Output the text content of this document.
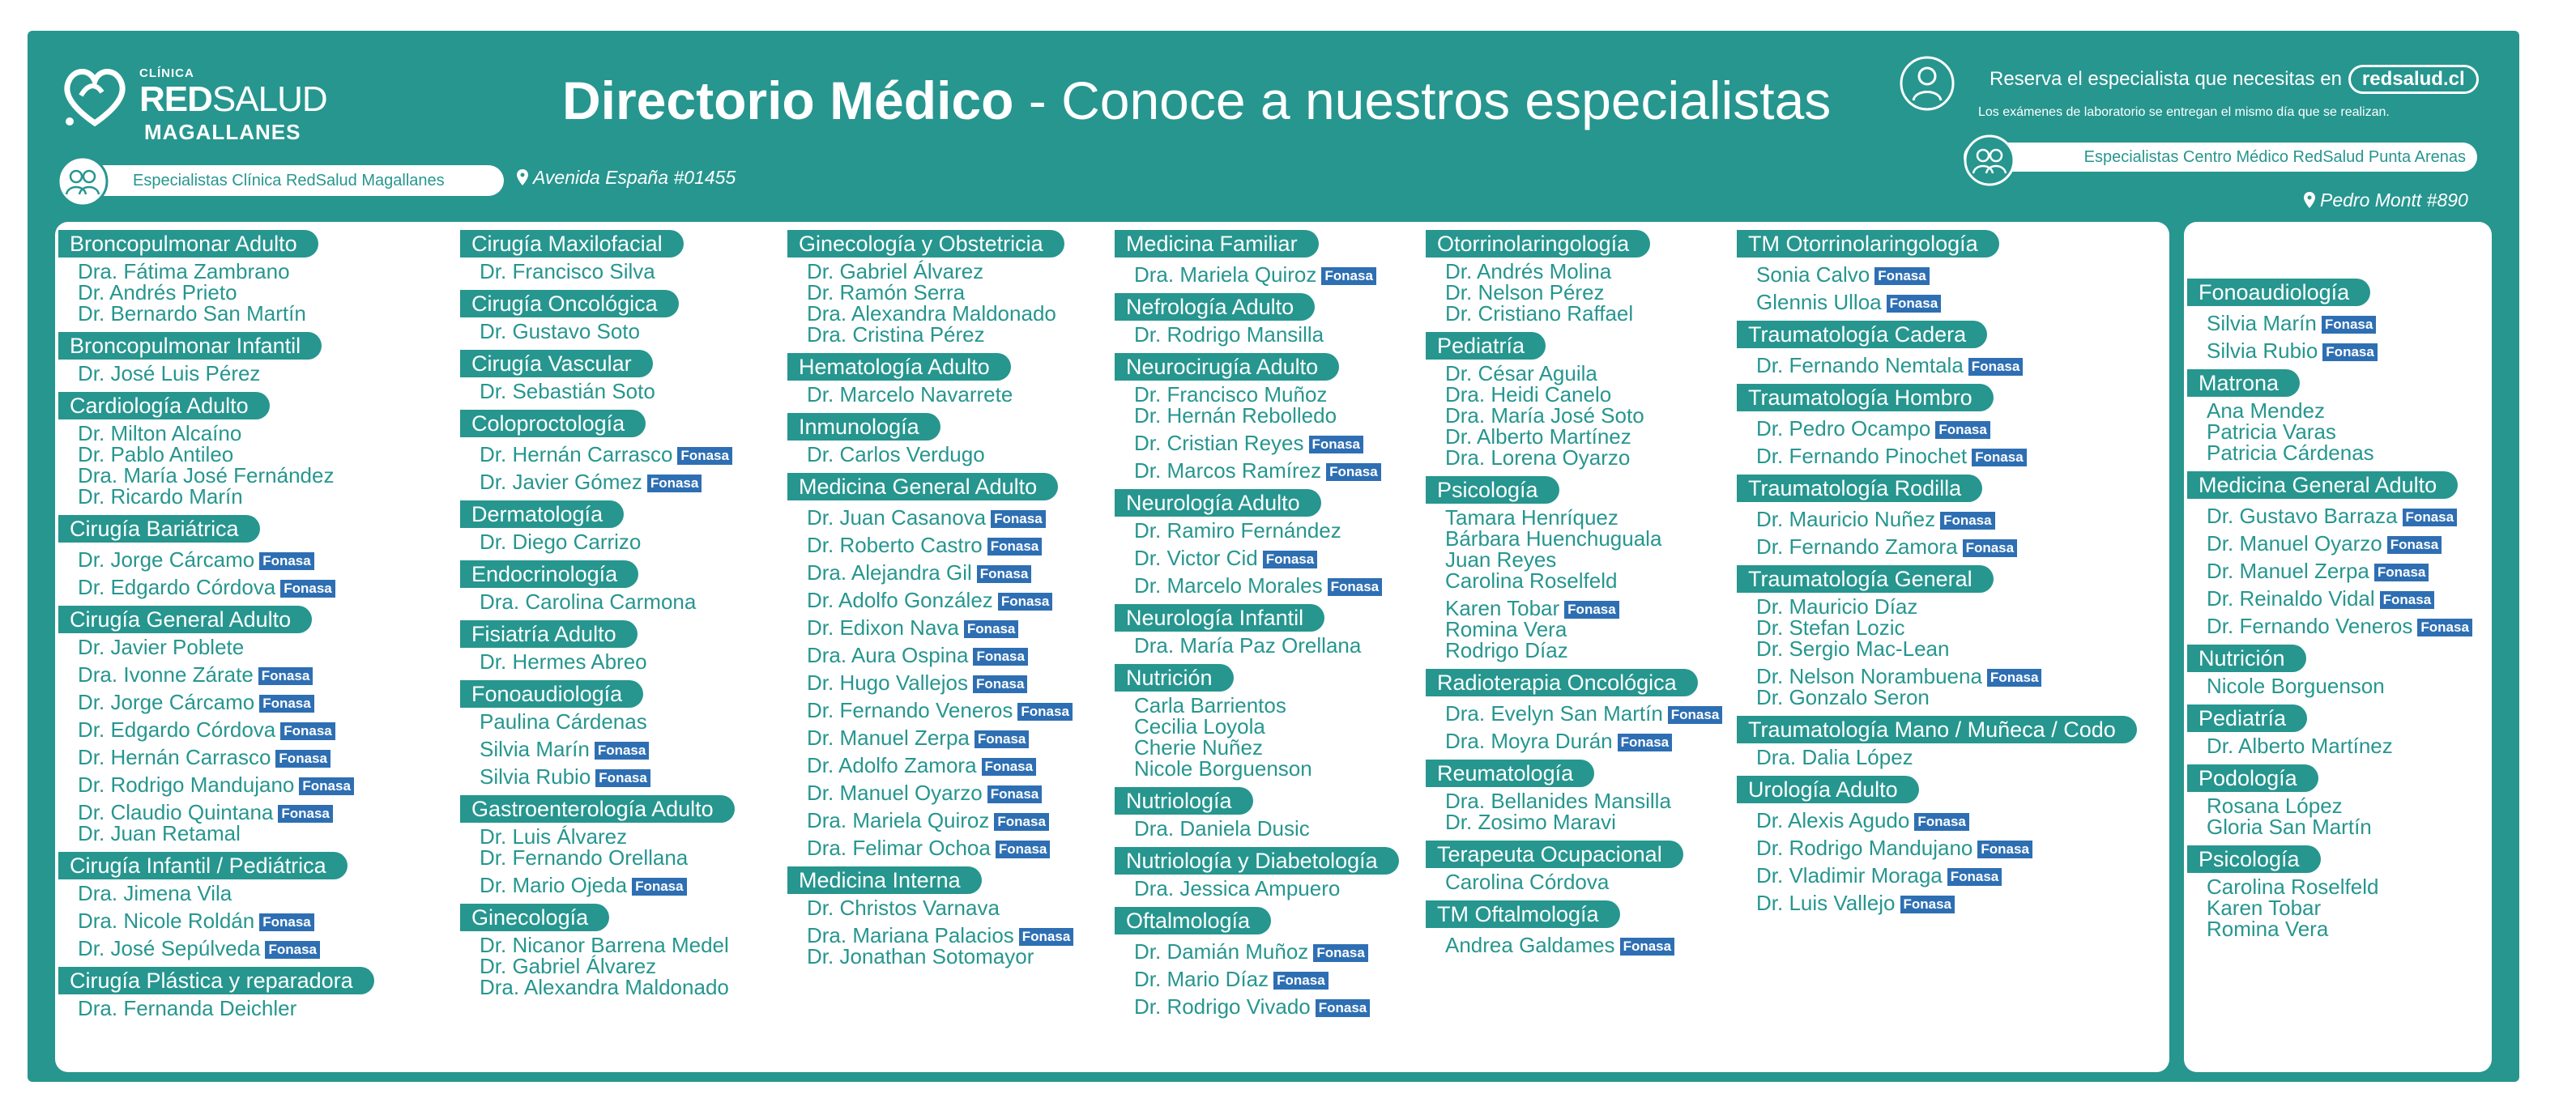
CLÍNICA
REDSALUD
MAGALLANES
Directorio Médico - Conoce a nuestros especialistas	Reserva el especialista que necesitas en redsalud.cl
Los exámenes de laboratorio se entregan el mismo día que se realizan.
Especialistas Centro Médico RedSalud Punta Arenas
Pedro Montt #890
Especialistas Clínica RedSalud Magallanes	Avenida España #01455
Broncopulmonar Adulto
Dra. Fátima Zambrano
Dr. Andrés Prieto
Dr. Bernardo San Martín
Broncopulmonar Infantil
Dr. José Luis Pérez
Cardiología Adulto
Dr. Milton Alcaíno
Dr. Pablo Antileo
Dra. María José Fernández
Dr. Ricardo Marín
Cirugía Bariátrica
Dr. Jorge Cárcamo Fonasa
Dr. Edgardo Córdova Fonasa
Cirugía General Adulto
Dr. Javier Poblete
Dra. Ivonne Zárate Fonasa
Dr. Jorge Cárcamo Fonasa
Dr. Edgardo Córdova Fonasa
Dr. Hernán Carrasco Fonasa
Dr. Rodrigo Mandujano Fonasa
Dr. Claudio Quintana Fonasa
Dr. Juan Retamal
Cirugía Infantil / Pediátrica
Dra. Jimena Vila
Dra. Nicole Roldán Fonasa
Dr. José Sepúlveda Fonasa
Cirugía Plástica y reparadora
Dra. Fernanda Deichler
Cirugía Maxilofacial
Dr. Francisco Silva
Cirugía Oncológica
Dr. Gustavo Soto
Cirugía Vascular
Dr. Sebastián Soto
Coloproctología
Dr. Hernán Carrasco Fonasa
Dr. Javier Gómez Fonasa
Dermatología
Dr. Diego Carrizo
Endocrinología
Dra. Carolina Carmona
Fisiatría Adulto
Dr. Hermes Abreo
Fonoaudiología
Paulina Cárdenas
Silvia Marín Fonasa
Silvia Rubio Fonasa
Gastroenterología Adulto
Dr. Luis Álvarez
Dr. Fernando Orellana
Dr. Mario Ojeda Fonasa
Ginecología
Dr. Nicanor Barrena Medel
Dr. Gabriel Álvarez
Dra. Alexandra Maldonado
Ginecología y Obstetricia
Dr. Gabriel Álvarez
Dr. Ramón Serra
Dra. Alexandra Maldonado
Dra. Cristina Pérez
Hematología Adulto
Dr. Marcelo Navarrete
Inmunología
Dr. Carlos Verdugo
Medicina General Adulto
Dr. Juan Casanova Fonasa
Dr. Roberto Castro Fonasa
Dra. Alejandra Gil Fonasa
Dr. Adolfo González Fonasa
Dr. Edixon Nava Fonasa
Dra. Aura Ospina Fonasa
Dr. Hugo Vallejos Fonasa
Dr. Fernando Veneros Fonasa
Dr. Manuel Zerpa Fonasa
Dr. Adolfo Zamora Fonasa
Dr. Manuel Oyarzo Fonasa
Dra. Mariela Quiroz Fonasa
Dra. Felimar Ochoa Fonasa
Medicina Interna
Dr. Christos Varnava
Dra. Mariana Palacios Fonasa
Dr. Jonathan Sotomayor
Medicina Familiar
Dra. Mariela Quiroz Fonasa
Nefrología Adulto
Dr. Rodrigo Mansilla
Neurocirugía Adulto
Dr. Francisco Muñoz
Dr. Hernán Rebolledo
Dr. Cristian Reyes Fonasa
Dr. Marcos Ramírez Fonasa
Neurología Adulto
Dr. Ramiro Fernández
Dr. Victor Cid Fonasa
Dr. Marcelo Morales Fonasa
Neurología Infantil
Dra. María Paz Orellana
Nutrición
Carla Barrientos
Cecilia Loyola
Cherie Nuñez
Nicole Borguenson
Nutriología
Dra. Daniela Dusic
Nutriología y Diabetología
Dra. Jessica Ampuero
Oftalmología
Dr. Damián Muñoz Fonasa
Dr. Mario Díaz Fonasa
Dr. Rodrigo Vivado Fonasa
Otorrinolaringología
Dr. Andrés Molina
Dr. Nelson Pérez
Dr. Cristiano Raffael
Pediatría
Dr. César Aguila
Dra. Heidi Canelo
Dra. María José Soto
Dr. Alberto Martínez
Dra. Lorena Oyarzo
Psicología
Tamara Henríquez
Bárbara Huenchuguala
Juan Reyes
Carolina Roselfeld
Karen Tobar Fonasa
Romina Vera
Rodrigo Díaz
Radioterapia Oncológica
Dra. Evelyn San Martín Fonasa
Dra. Moyra Durán Fonasa
Reumatología
Dra. Bellanides Mansilla
Dr. Zosimo Maravi
Terapeuta Ocupacional
Carolina Córdova
TM Oftalmología
Andrea Galdames Fonasa
TM Otorrinolaringología
Sonia Calvo Fonasa
Glennis Ulloa Fonasa
Traumatología Cadera
Dr. Fernando Nemtala Fonasa
Traumatología Hombro
Dr. Pedro Ocampo Fonasa
Dr. Fernando Pinochet Fonasa
Traumatología Rodilla
Dr. Mauricio Nuñez Fonasa
Dr. Fernando Zamora Fonasa
Traumatología General
Dr. Mauricio Díaz
Dr. Stefan Lozic
Dr. Sergio Mac-Lean
Dr. Nelson Norambuena Fonasa
Dr. Gonzalo Seron
Traumatología Mano / Muñeca / Codo
Dra. Dalia López
Urología Adulto
Dr. Alexis Agudo Fonasa
Dr. Rodrigo Mandujano Fonasa
Dr. Vladimir Moraga Fonasa
Dr. Luis Vallejo Fonasa
Fonoaudiología
Silvia Marín Fonasa
Silvia Rubio Fonasa
Matrona
Ana Mendez
Patricia Varas
Patricia Cárdenas
Medicina General Adulto
Dr. Gustavo Barraza Fonasa
Dr. Manuel Oyarzo Fonasa
Dr. Manuel Zerpa Fonasa
Dr. Reinaldo Vidal Fonasa
Dr. Fernando Veneros Fonasa
Nutrición
Nicole Borguenson
Pediatría
Dr. Alberto Martínez
Podología
Rosana López
Gloria San Martín
Psicología
Carolina Roselfeld
Karen Tobar
Romina Vera
